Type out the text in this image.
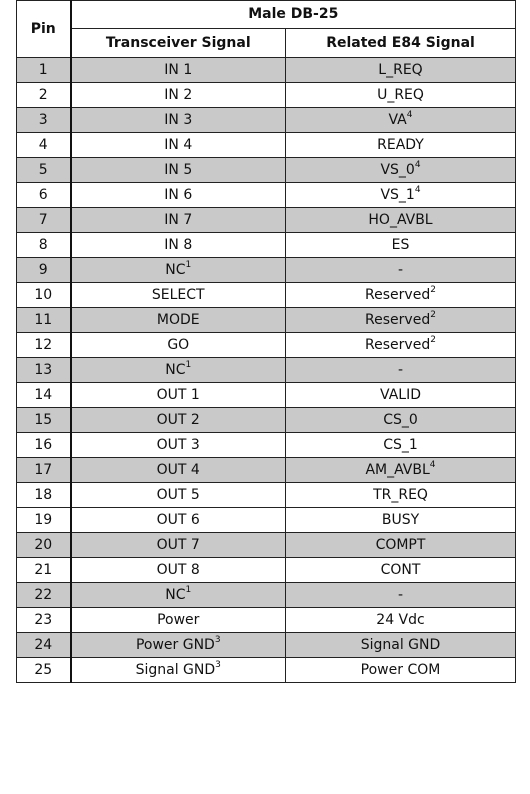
Pin	Male DB-25	
	Transceiver Signal	Related E84 Signal
1	IN 1	L_REQ
2	IN 2	U_REQ
3	IN 3	$VA^4$
4	IN 4	READY
5	IN 5	$VS\_0^4$
6	IN 6	$VS\_1^4$
7	IN 7	HO_AVBL
8	IN 8	ES
9	$NC^1$	-
10	SELECT	Reserved$^2$
11	MODE	Reserved$^2$
12	GO	Reserved$^2$
13	$NC^1$	-
14	OUT 1	VALID
15	OUT 2	CS_0
16	OUT 3	CS_1
17	OUT 4	AM_AVBL$^4$
18	OUT 5	TR_REQ
19	OUT 6	BUSY
20	OUT 7	COMPT
21	OUT 8	CONT
22	$NC^1$	-
23	Power	24 Vdc
24	Power GND$^3$	Signal GND
25	Signal GND$^3$	Power COM
